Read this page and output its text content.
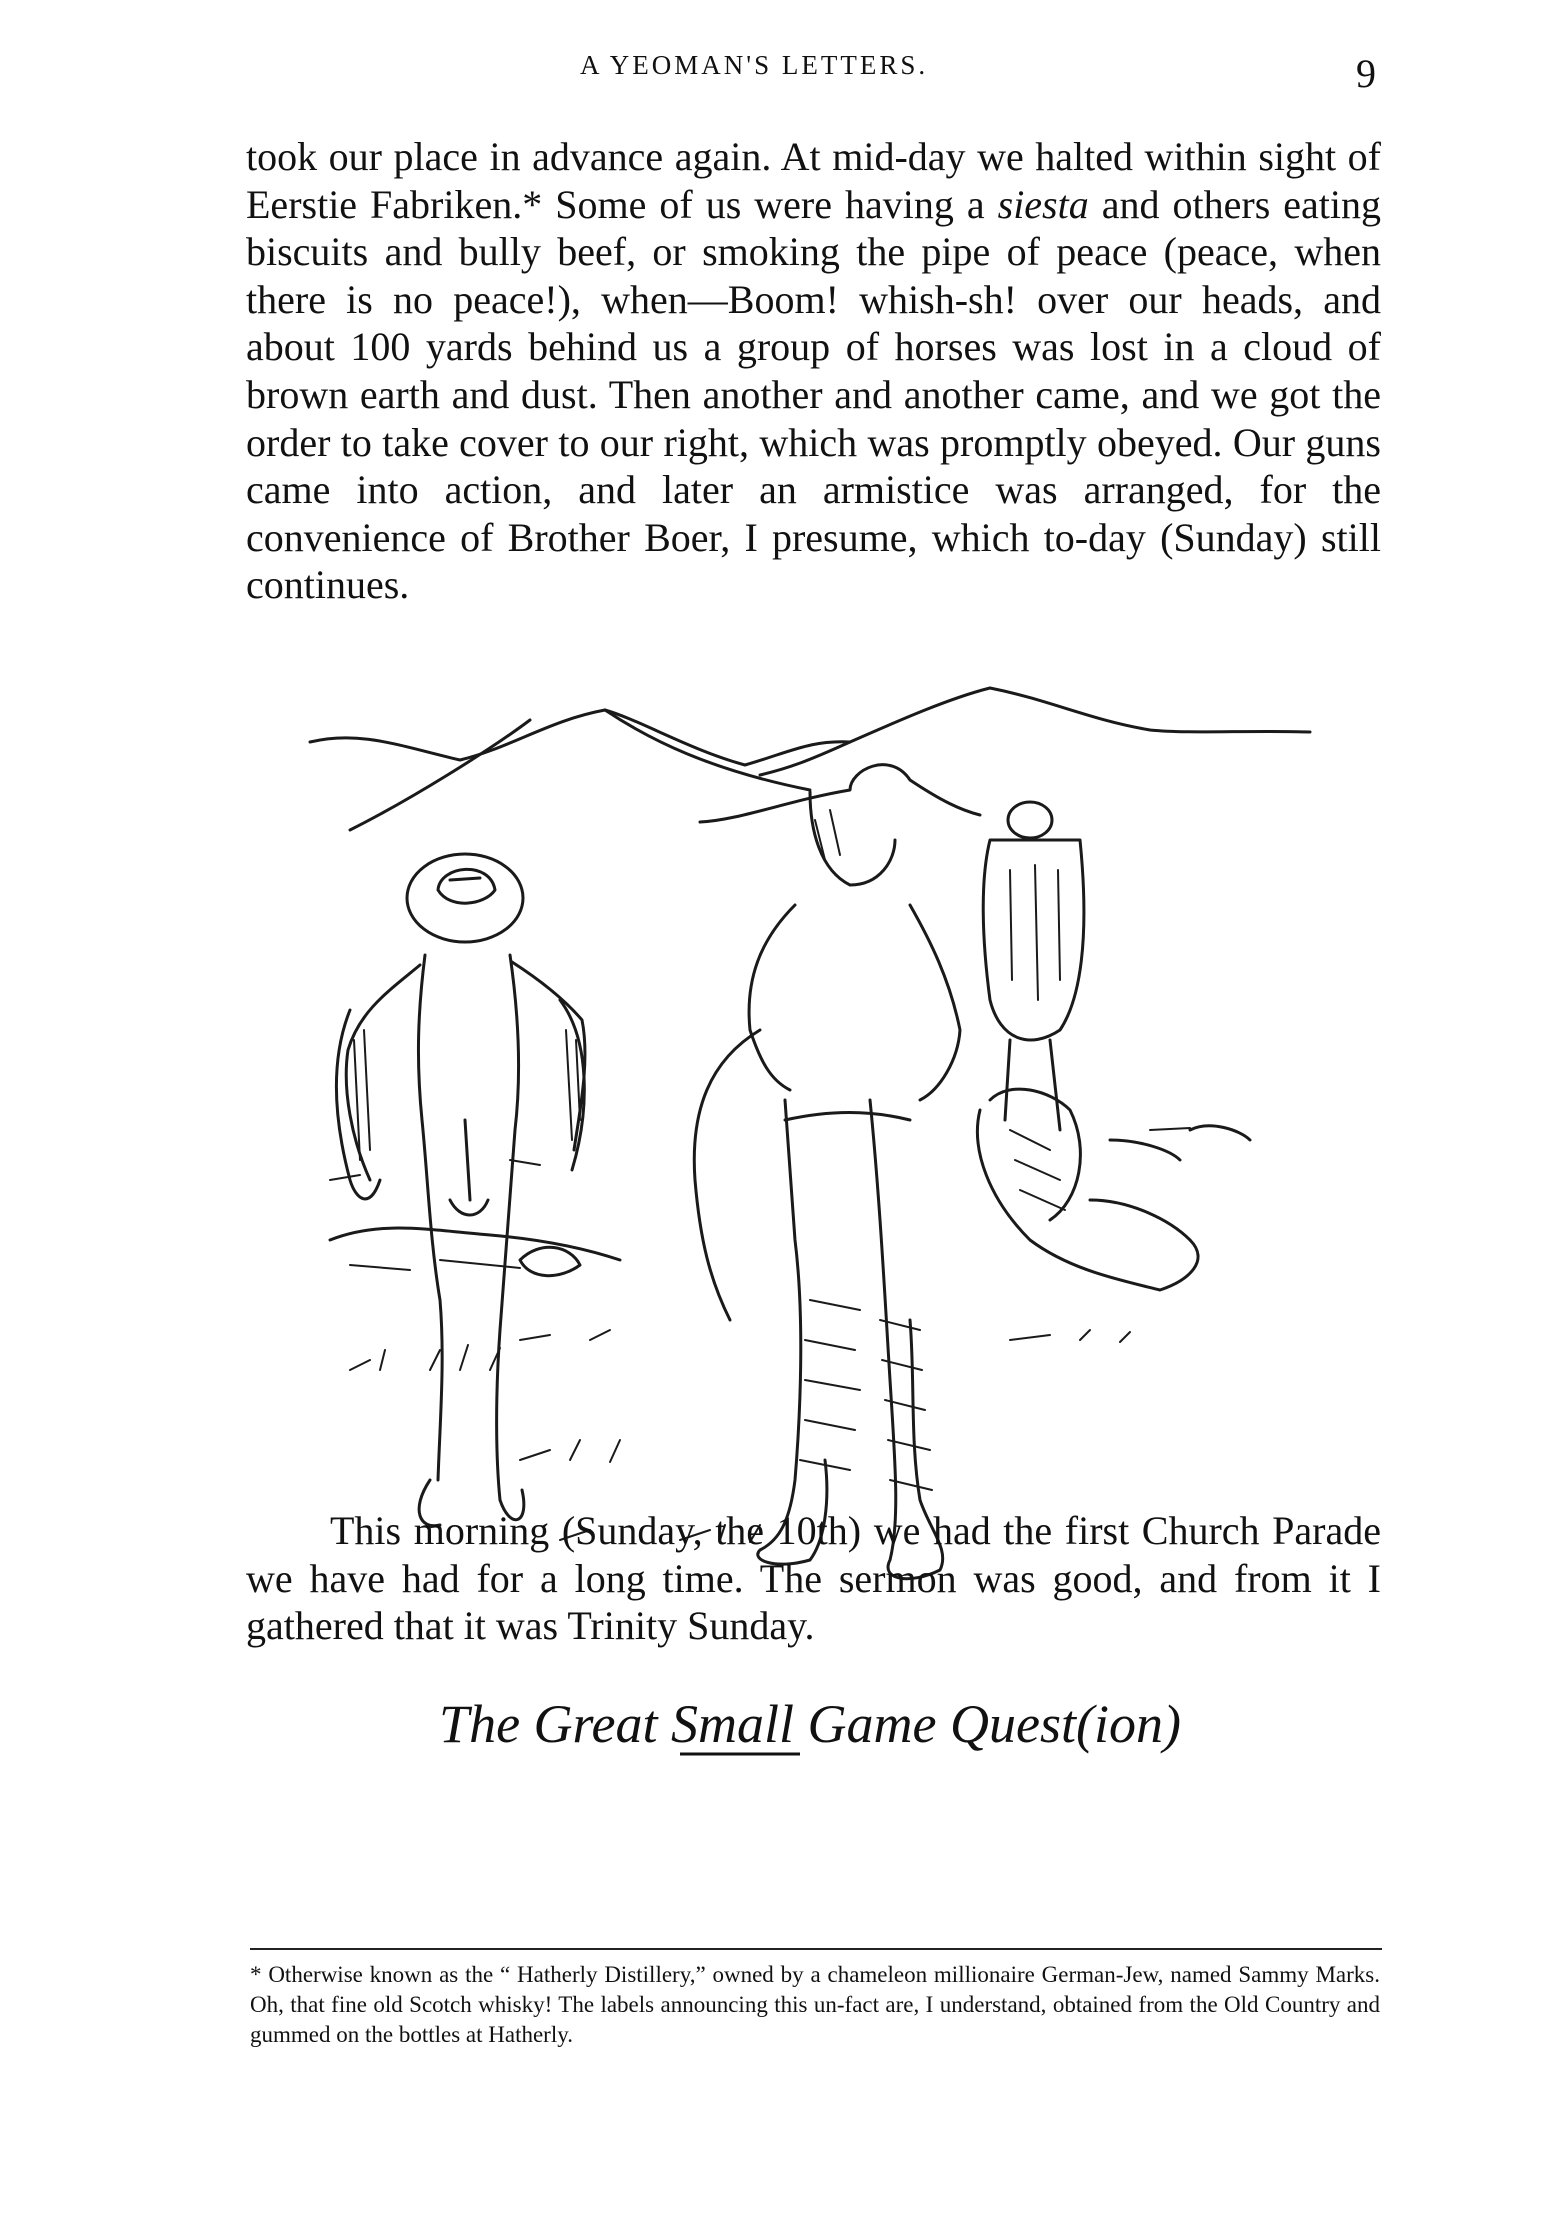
A YEOMAN'S LETTERS.	9

took our place in advance again. At mid-day we halted within sight of Eerstie Fabriken.* Some of us were having a siesta and others eating biscuits and bully beef, or smoking the pipe of peace (peace, when there is no peace!), when—Boom! whish-sh! over our heads, and about 100 yards behind us a group of horses was lost in a cloud of brown earth and dust. Then another and another came, and we got the order to take cover to our right, which was promptly obeyed. Our guns came into action, and later an armistice was arranged, for the convenience of Brother Boer, I presume, which to-day (Sunday) still continues.

The Great Small Game Quest(ion)

This morning (Sunday, the 10th) we had the first Church Parade we have had for a long time. The sermon was good, and from it I gathered that it was Trinity Sunday.

* Otherwise known as the “ Hatherly Distillery,” owned by a chameleon millionaire German-Jew, named Sammy Marks. Oh, that fine old Scotch whisky! The labels announcing this un-fact are, I understand, obtained from the Old Country and gummed on the bottles at Hatherly.
